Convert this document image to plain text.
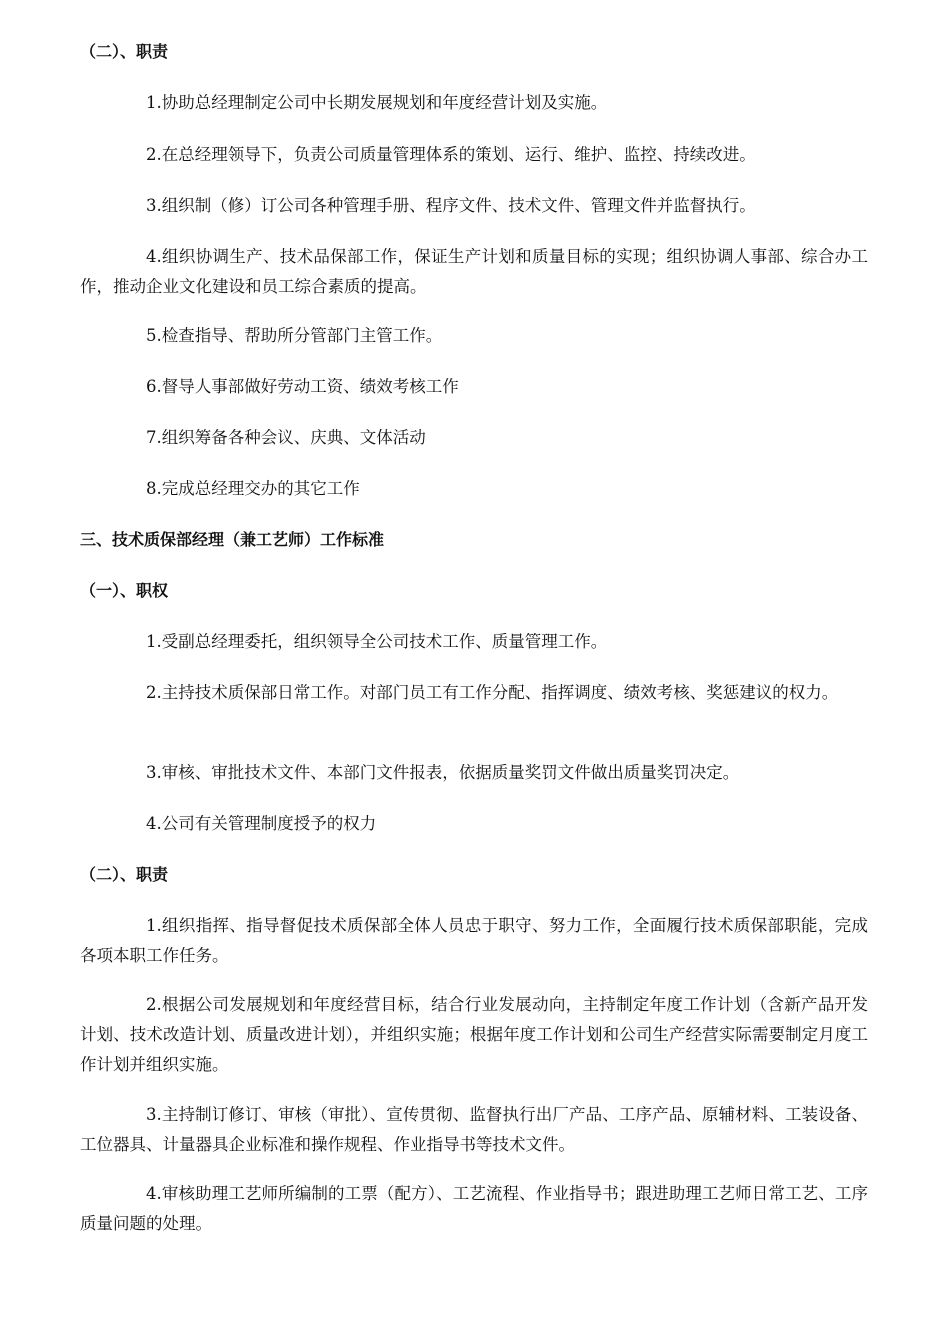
（二）、职责
1.协助总经理制定公司中长期发展规划和年度经营计划及实施。
2.在总经理领导下，负责公司质量管理体系的策划、运行、维护、监控、持续改进。
3.组织制（修）订公司各种管理手册、程序文件、技术文件、管理文件并监督执行。
4.组织协调生产、技术品保部工作，保证生产计划和质量目标的实现；组织协调人事部、综合办工作，推动企业文化建设和员工综合素质的提高。
5.检查指导、帮助所分管部门主管工作。
6.督导人事部做好劳动工资、绩效考核工作
7.组织筹备各种会议、庆典、文体活动
8.完成总经理交办的其它工作
三、技术质保部经理（兼工艺师）工作标准
（一）、职权
1.受副总经理委托，组织领导全公司技术工作、质量管理工作。
2.主持技术质保部日常工作。对部门员工有工作分配、指挥调度、绩效考核、奖惩建议的权力。
3.审核、审批技术文件、本部门文件报表，依据质量奖罚文件做出质量奖罚决定。
4.公司有关管理制度授予的权力
（二）、职责
1.组织指挥、指导督促技术质保部全体人员忠于职守、努力工作，全面履行技术质保部职能，完成各项本职工作任务。
2.根据公司发展规划和年度经营目标，结合行业发展动向，主持制定年度工作计划（含新产品开发计划、技术改造计划、质量改进计划），并组织实施；根据年度工作计划和公司生产经营实际需要制定月度工作计划并组织实施。
3.主持制订修订、审核（审批）、宣传贯彻、监督执行出厂产品、工序产品、原辅材料、工装设备、工位器具、计量器具企业标准和操作规程、作业指导书等技术文件。
4.审核助理工艺师所编制的工票（配方）、工艺流程、作业指导书；跟进助理工艺师日常工艺、工序质量问题的处理。
